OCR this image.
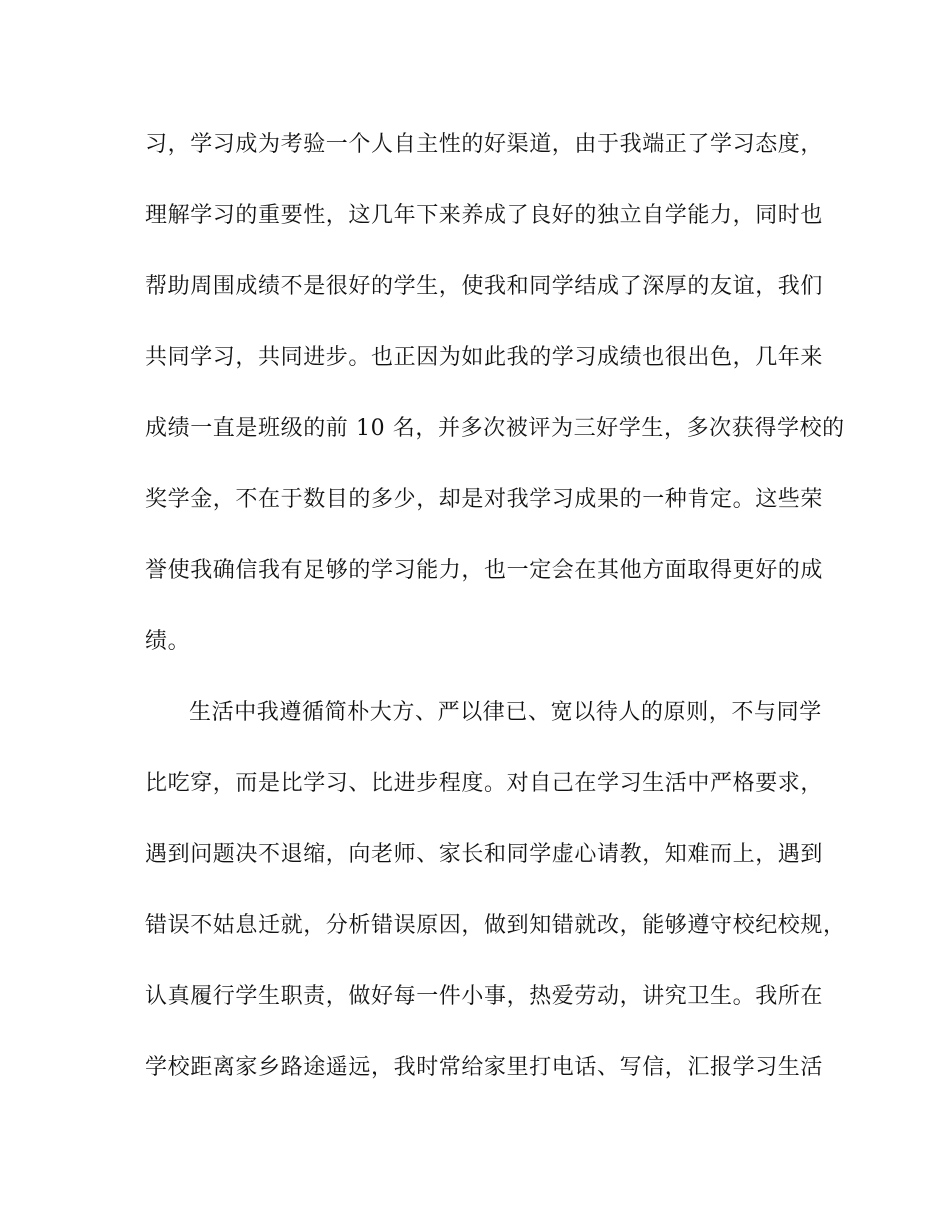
习，学习成为考验一个人自主性的好渠道，由于我端正了学习态度，
理解学习的重要性，这几年下来养成了良好的独立自学能力，同时也
帮助周围成绩不是很好的学生，使我和同学结成了深厚的友谊，我们
共同学习，共同进步。也正因为如此我的学习成绩也很出色，几年来
成绩一直是班级的前 10 名，并多次被评为三好学生，多次获得学校的
奖学金，不在于数目的多少，却是对我学习成果的一种肯定。这些荣
誉使我确信我有足够的学习能力，也一定会在其他方面取得更好的成
绩。
生活中我遵循简朴大方、严以律已、宽以待人的原则，不与同学
比吃穿，而是比学习、比进步程度。对自己在学习生活中严格要求，
遇到问题决不退缩，向老师、家长和同学虚心请教，知难而上，遇到
错误不姑息迁就，分析错误原因，做到知错就改，能够遵守校纪校规，
认真履行学生职责，做好每一件小事，热爱劳动，讲究卫生。我所在
学校距离家乡路途遥远，我时常给家里打电话、写信，汇报学习生活
